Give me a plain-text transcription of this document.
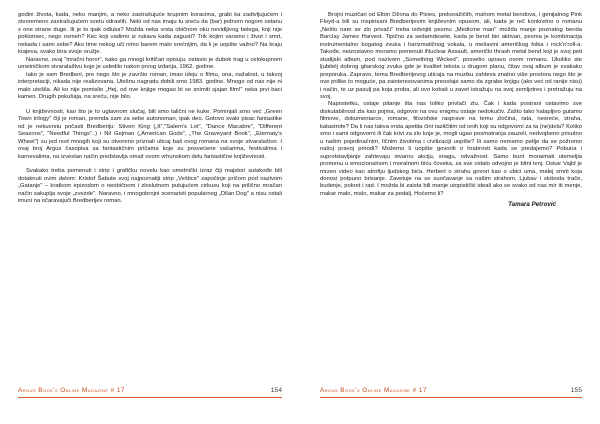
godini života, kada, neko manjim, a neko zastrašujuće krupnim koracima, grabi ka zadivljujućem i stvoremeno zastrašujućem svetu odraslih. Neki od nas imaju tu sreću da (bar) jednom nogom ostanu s one strane duge. Ili je to ipak odluka? Možda neka vrsta običnom oku nevidljivog belega, koji nije poklonsec, nego osmeh? Kec koji vadimo iz rukava kada zagusti? Trik kojim varamo i život i smrt, nekada i sami sebe? Ako time nekog uči nimo barem malo srećnijim, da li je uopšte važno? Na kraju krajeva, svako bira svoje oružje.

Naravno, ovaj "mračni horor", kako ga mnogi kritičari opisuju, ostavio je dubok trag u celokupnom umetničkom stvaralaštvu koje je usledilo nakon prvog izdanja, 1962. godine.

Iako je sam Bredberi, pre nego što je završio roman, imao ideju o filmu, ona, nažalost, u takvoj interpretaciji, nikada nije realizovana. Utešnu nagradu dobili smo 1983. godine. Mnogo od nas nije ni malo utešila. Ali ko nije pomislio „Hej, od ove knjige mogao bi se snimiti sjajan film!" neka prvi baci kamen. Drugih pokušaja, na sreću, nije bilo.

U književnosti, kao što je to uglavnom slučaj, bili smo talični ne kuke. Pominjali smo već „Green Town trilogy" čiji je roman, premda sam za sebe autonoman, ipak deo. Gotovo svaki pisac fantastike od je nekuvrstu počasti Bredberiju: Stiven King („It","Salem's Lot", "Dance Macabre", "Different Seasons", "Needful Things"..) i Nil Gejman („American Gods", „The Graveyard Book", „Eternaty's Wheel") su jed nod mnogih koji su otvoreno priznali uticaj baš ovog romana na svoje stvaralaštvo. I ovaj broj Argus časopisa sa fantastičnim pričama koje su posvećene vašarima, festivalima i karnevalima, na izvestan način predstavlja omaž ovom vrhunskom delu fantastične književnosti.

Svakako treba pomenuti i strip i grafičku novelu kao umetnički izraz čiji majstori sutakođe bili dotaknuti ovim delom: Kristof Šabute svoj najpoznatiji strip „Veštice" započinje pričom pod nazivom „Gatanje" – kratkom epizodom o neobičnom i zloslutnom putujućem cirkusu koji na prilično mračan način sakuplja svoje „zvezde". Naravno, i mnogobrojni scenaristi popularnog „Dilan Dog" a nisu ostali imuni na očaravajuči Bredberijev roman.

Argus Book's Online Magazine # 17	154

Brojni muzičari od Elton Džona do Pixies, prekoražičith, mahom metal bendova, i genijalnog Pink Floyd-a bili su inspirisani Bredberijevim književnim opusom, ali, kada je reč konkretno o romanu „Nešto nam se zlo privači" treba izdvojiti pesmu „Medicine man" možda manje poznatog benda Barclay James Harvest. Tipično za sedamdesete, kada je bend bio aktivan, pesma je kombinacija instrumentalno bogatog zvuka i harizmatičnog vokala, u mešavini američkog folka i rock'n'roll-a. Takođe, neizostavno moramo pomenuti iNuclear Assault, američki thrash metal bend koji je svoj peti studijski album, pod nazivom „Something Wicked", posvetio upravo ovom romanu. Ukoliko ste ljubitelj dobrog gitarskog zvuka gde je kvalitet teksta u drugom planu, čitav ovaj album je svakako preporuka. Zapravo, tema Bredberijevog uticaja na muziku zahteva znatno više prostora nego što je ove prilike to moguće, pa zainteresovanima preostaje samo da zgrabe knjigu (ako već od ranije nisu) i način, te uz pasulj pa koja proba, ali ovo kobaš u zavet istražuju na svoj zemljotres i pretražuju na svoj.

Napostetku, ostaje pitanje šta nas toliko privlači zlu. Čak i kada postrani ostavimo sve diskutabilnost zla kao pojma, odgovor na ovu enigmu ostaje nedokučiv. Zašto tako halapljivo gutamo filmove, dokumentarce, romane, filozofske rasprave na temu zločina, rata, nesreće, straha, katastrofe? Da li nas takva vrsta apetita čini različitim od onih koji su odgovorni za ta (ne)dela? Koliko smo i sami odgovorni ili čak krivi za zlo koje je, mogli ugao posmatranja zauzeli, nedvojbeno prisutno u našim pojedinačnim, ličnim životima i civilizaciji uopšte? Ili samo nemamo petlje da se požromo našoj pravoj prirodi? Možemo li uopšte govoriti o hrabrosti kada se predajemo? Pobuna i suprotstavljanje zahtevaju stvarnu akciju, snagu, odvažnost. Samo bunt moraimati utemeljia promenu u emocionalnom i moralnom biću čoveka, za sve ostalo odvojno je bitni lenj. Oskar Vajld je mrzeo video kao atrofiju ljudskog bića. Herbert o strahu govori kao o ubici uma, malej smrti koja donosi potpuno brisanje. Zavetuje na se suočavanje sa našim strahom. Ljubav i sloboda trače, budenje, pokret i rad. I možda bi zaista bili manje utopistički ideali ako se svako od nas mir iti menje, makar malo, malo, makar za pedalj. Hoćemo li?

Tamara Petrović
Argus Book's Online Magazine # 17	155
